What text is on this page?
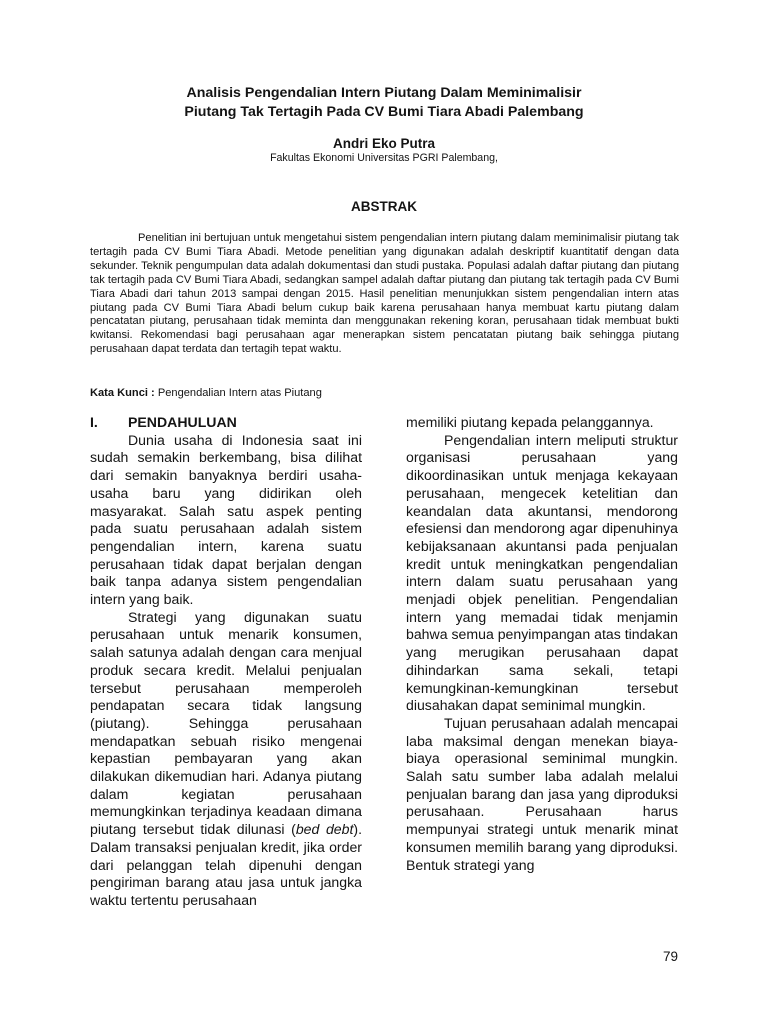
Analisis Pengendalian Intern Piutang Dalam Meminimalisir
Piutang Tak Tertagih Pada CV Bumi Tiara Abadi Palembang
Andri Eko Putra
Fakultas Ekonomi Universitas PGRI Palembang,
ABSTRAK

Penelitian ini bertujuan untuk mengetahui sistem pengendalian intern piutang dalam meminimalisir piutang tak tertagih pada CV Bumi Tiara Abadi. Metode penelitian yang digunakan adalah deskriptif kuantitatif dengan data sekunder. Teknik pengumpulan data adalah dokumentasi dan studi pustaka. Populasi adalah daftar piutang dan piutang tak tertagih pada CV Bumi Tiara Abadi, sedangkan sampel adalah daftar piutang dan piutang tak tertagih pada CV Bumi Tiara Abadi dari tahun 2013 sampai dengan 2015. Hasil penelitian menunjukkan sistem pengendalian intern atas piutang pada CV Bumi Tiara Abadi belum cukup baik karena perusahaan hanya membuat kartu piutang dalam pencatatan piutang, perusahaan tidak meminta dan menggunakan rekening koran, perusahaan tidak membuat bukti kwitansi. Rekomendasi bagi perusahaan agar menerapkan sistem pencatatan piutang baik sehingga piutang perusahaan dapat terdata dan tertagih tepat waktu.

Kata Kunci : Pengendalian Intern atas Piutang
I.	PENDAHULUAN

Dunia usaha di Indonesia saat ini sudah semakin berkembang, bisa dilihat dari semakin banyaknya berdiri usaha-usaha baru yang didirikan oleh masyarakat. Salah satu aspek penting pada suatu perusahaan adalah sistem pengendalian intern, karena suatu perusahaan tidak dapat berjalan dengan baik tanpa adanya sistem pengendalian intern yang baik.

Strategi yang digunakan suatu perusahaan untuk menarik konsumen, salah satunya adalah dengan cara menjual produk secara kredit. Melalui penjualan tersebut perusahaan memperoleh pendapatan secara tidak langsung (piutang). Sehingga perusahaan mendapatkan sebuah risiko mengenai kepastian pembayaran yang akan dilakukan dikemudian hari. Adanya piutang dalam kegiatan perusahaan memungkinkan terjadinya keadaan dimana piutang tersebut tidak dilunasi (bed debt). Dalam transaksi penjualan kredit, jika order dari pelanggan telah dipenuhi dengan pengiriman barang atau jasa untuk jangka waktu tertentu perusahaan

memiliki piutang kepada pelanggannya.

Pengendalian intern meliputi struktur organisasi perusahaan yang dikoordinasikan untuk menjaga kekayaan perusahaan, mengecek ketelitian dan keandalan data akuntansi, mendorong efesiensi dan mendorong agar dipenuhinya kebijaksanaan akuntansi pada penjualan kredit untuk meningkatkan pengendalian intern dalam suatu perusahaan yang menjadi objek penelitian. Pengendalian intern yang memadai tidak menjamin bahwa semua penyimpangan atas tindakan yang merugikan perusahaan dapat dihindarkan sama sekali, tetapi kemungkinan-kemungkinan tersebut diusahakan dapat seminimal mungkin.

Tujuan perusahaan adalah mencapai laba maksimal dengan menekan biaya-biaya operasional seminimal mungkin. Salah satu sumber laba adalah melalui penjualan barang dan jasa yang diproduksi perusahaan. Perusahaan harus mempunyai strategi untuk menarik minat konsumen memilih barang yang diproduksi. Bentuk strategi yang

79
